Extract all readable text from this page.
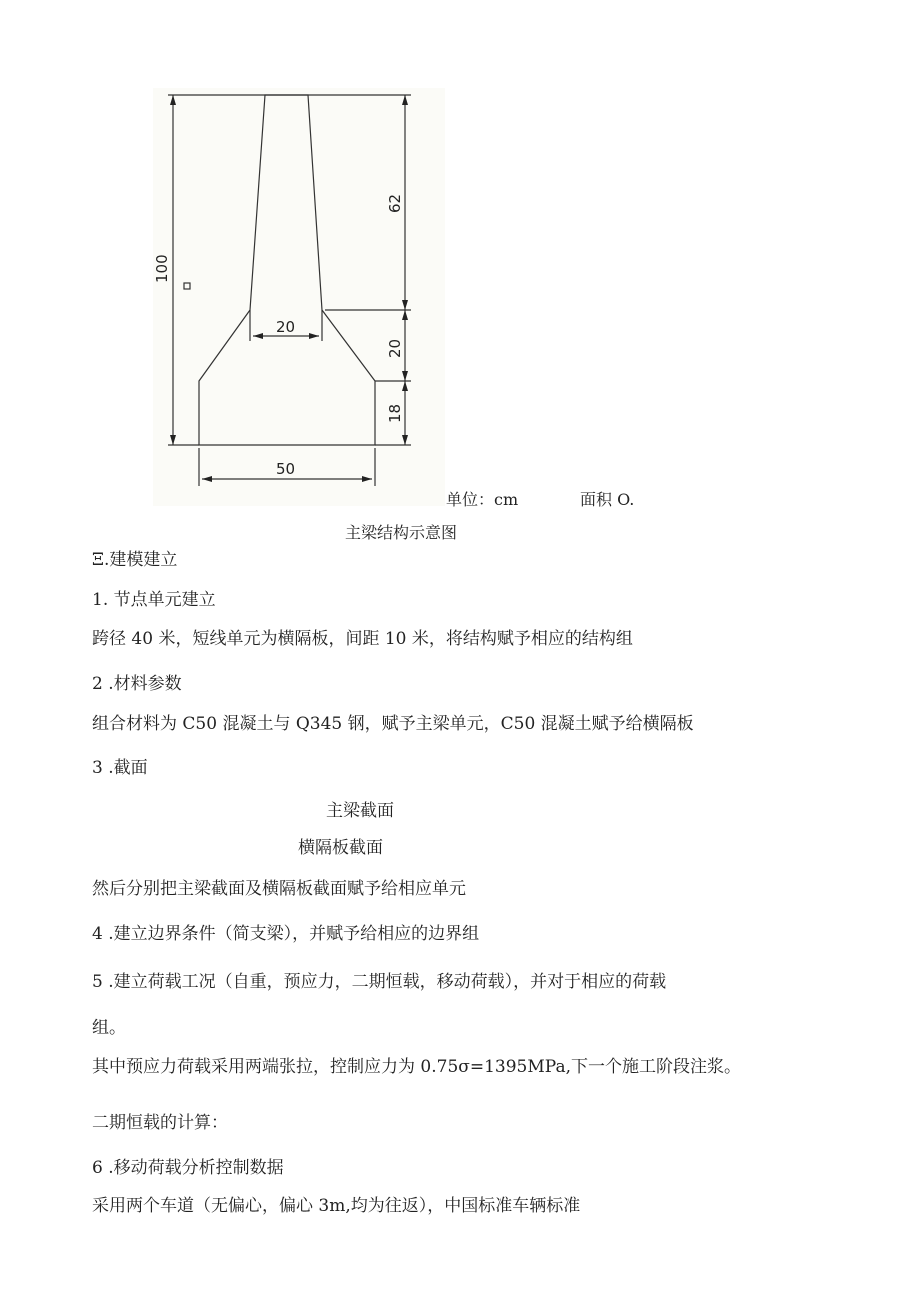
100
62
20
18
20
50
单位：cm	面积 O.
主梁结构示意图
Ξ.建模建立
1. 节点单元建立
跨径 40 米，短线单元为横隔板，间距 10 米，将结构赋予相应的结构组
2 .材料参数
组合材料为 C50 混凝土与 Q345 钢，赋予主梁单元，C50 混凝土赋予给横隔板
3 .截面
主梁截面
横隔板截面
然后分别把主梁截面及横隔板截面赋予给相应单元
4 .建立边界条件（简支梁），并赋予给相应的边界组
5 .建立荷载工况（自重，预应力，二期恒载，移动荷载），并对于相应的荷载
组。
其中预应力荷载采用两端张拉，控制应力为 0.75σ=1395MPa,下一个施工阶段注浆。
二期恒载的计算：
6 .移动荷载分析控制数据
采用两个车道（无偏心，偏心 3m,均为往返），中国标准车辆标准
